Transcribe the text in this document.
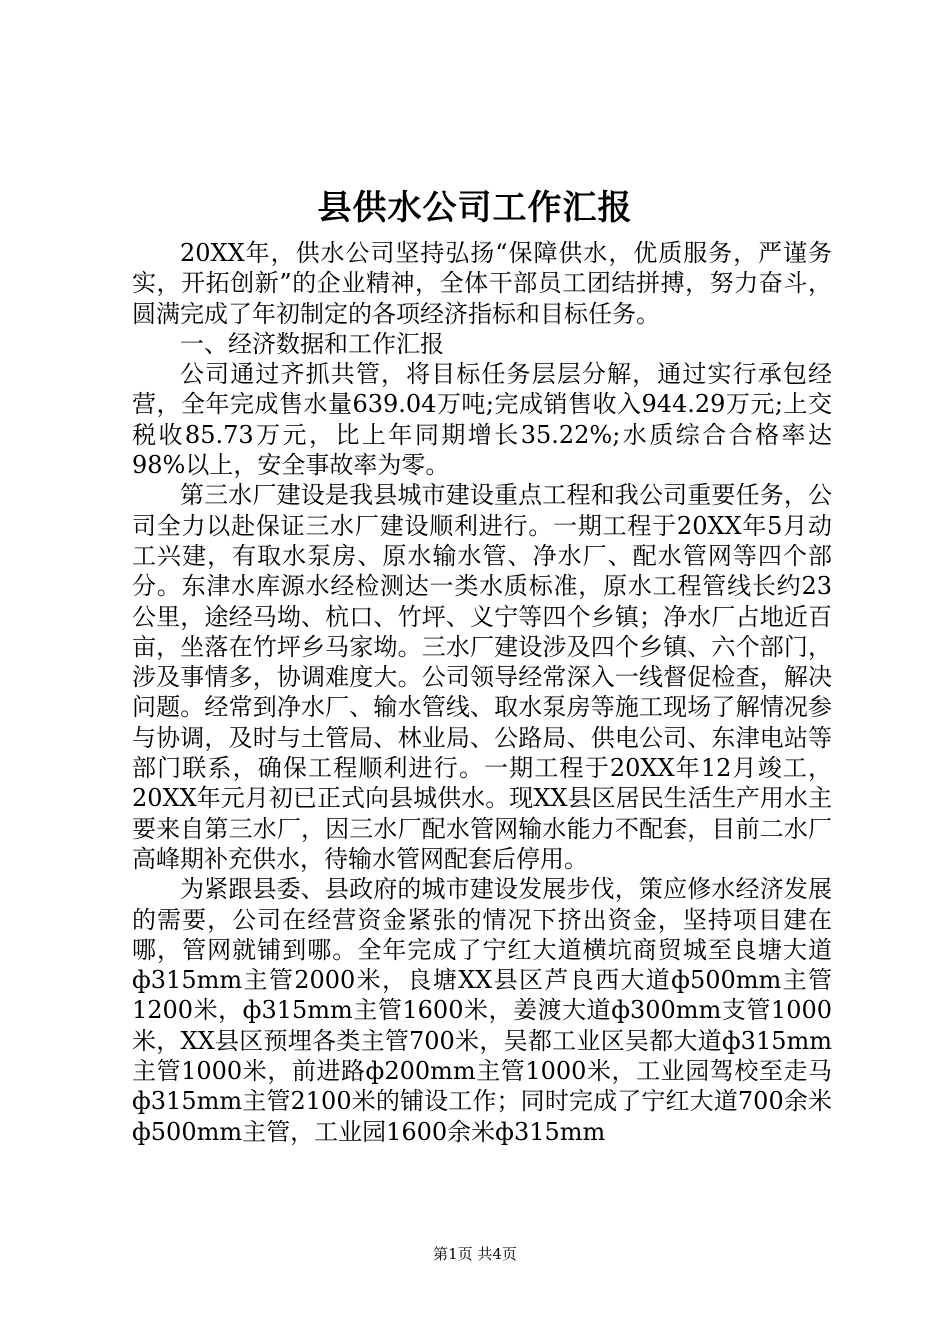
县供水公司工作汇报

20XX年，供水公司坚持弘扬“保障供水，优质服务，严谨务实，开拓创新”的企业精神，全体干部员工团结拼搏，努力奋斗，圆满完成了年初制定的各项经济指标和目标任务。

一、经济数据和工作汇报

公司通过齐抓共管，将目标任务层层分解，通过实行承包经营，全年完成售水量639.04万吨;完成销售收入944.29万元;上交税收85.73万元，比上年同期增长35.22%;水质综合合格率达98%以上，安全事故率为零。

第三水厂建设是我县城市建设重点工程和我公司重要任务，公司全力以赴保证三水厂建设顺利进行。一期工程于20XX年5月动工兴建，有取水泵房、原水输水管、净水厂、配水管网等四个部分。东津水库源水经检测达一类水质标准，原水工程管线长约23公里，途经马坳、杭口、竹坪、义宁等四个乡镇；净水厂占地近百亩，坐落在竹坪乡马家坳。三水厂建设涉及四个乡镇、六个部门，涉及事情多，协调难度大。公司领导经常深入一线督促检查，解决问题。经常到净水厂、输水管线、取水泵房等施工现场了解情况参与协调，及时与土管局、林业局、公路局、供电公司、东津电站等部门联系，确保工程顺利进行。一期工程于20XX年12月竣工，20XX年元月初已正式向县城供水。现XX县区居民生活生产用水主要来自第三水厂，因三水厂配水管网输水能力不配套，目前二水厂高峰期补充供水，待输水管网配套后停用。

为紧跟县委、县政府的城市建设发展步伐，策应修水经济发展的需要，公司在经营资金紧张的情况下挤出资金，坚持项目建在哪，管网就铺到哪。全年完成了宁红大道横坑商贸城至良塘大道ф315mm主管2000米，良塘XX县区芦良西大道ф500mm主管1200米，ф315mm主管1600米，姜渡大道ф300mm支管1000米，XX县区预埋各类主管700米，吴都工业区吴都大道ф315mm主管1000米，前进路ф200mm主管1000米，工业园驾校至走马ф315mm主管2100米的铺设工作；同时完成了宁红大道700余米ф500mm主管，工业园1600余米ф315mm

第1页 共4页
